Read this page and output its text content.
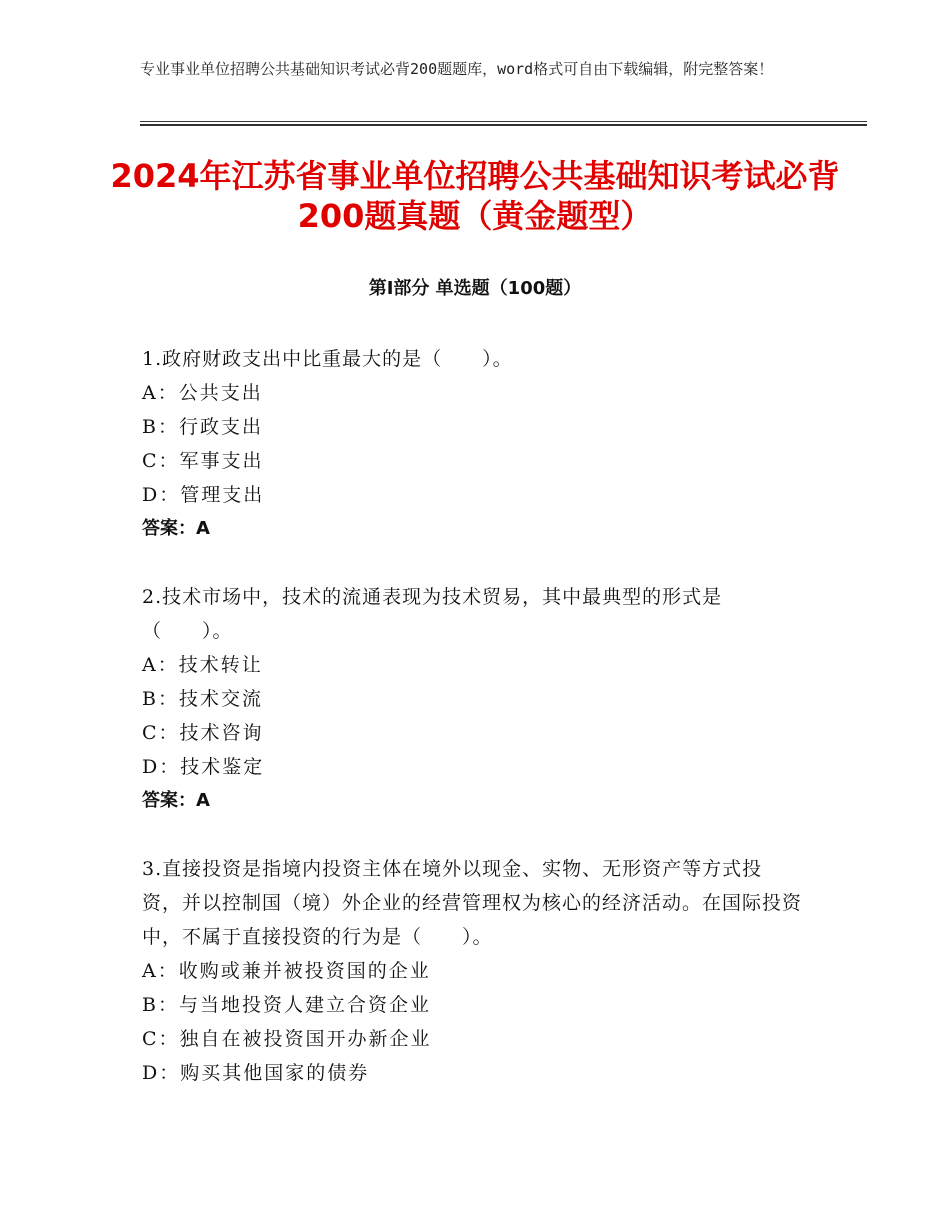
专业事业单位招聘公共基础知识考试必背200题题库，word格式可自由下载编辑，附完整答案！
2024年江苏省事业单位招聘公共基础知识考试必背200题真题（黄金题型）
第Ⅰ部分 单选题（100题）

1.政府财政支出中比重最大的是（　　）。

A：公共支出

B：行政支出

C：军事支出

D：管理支出

答案：A

2.技术市场中，技术的流通表现为技术贸易，其中最典型的形式是（　　）。

A：技术转让

B：技术交流

C：技术咨询

D：技术鉴定

答案：A

3.直接投资是指境内投资主体在境外以现金、实物、无形资产等方式投资，并以控制国（境）外企业的经营管理权为核心的经济活动。在国际投资中，不属于直接投资的行为是（　　）。

A：收购或兼并被投资国的企业

B：与当地投资人建立合资企业

C：独自在被投资国开办新企业

D：购买其他国家的债券
